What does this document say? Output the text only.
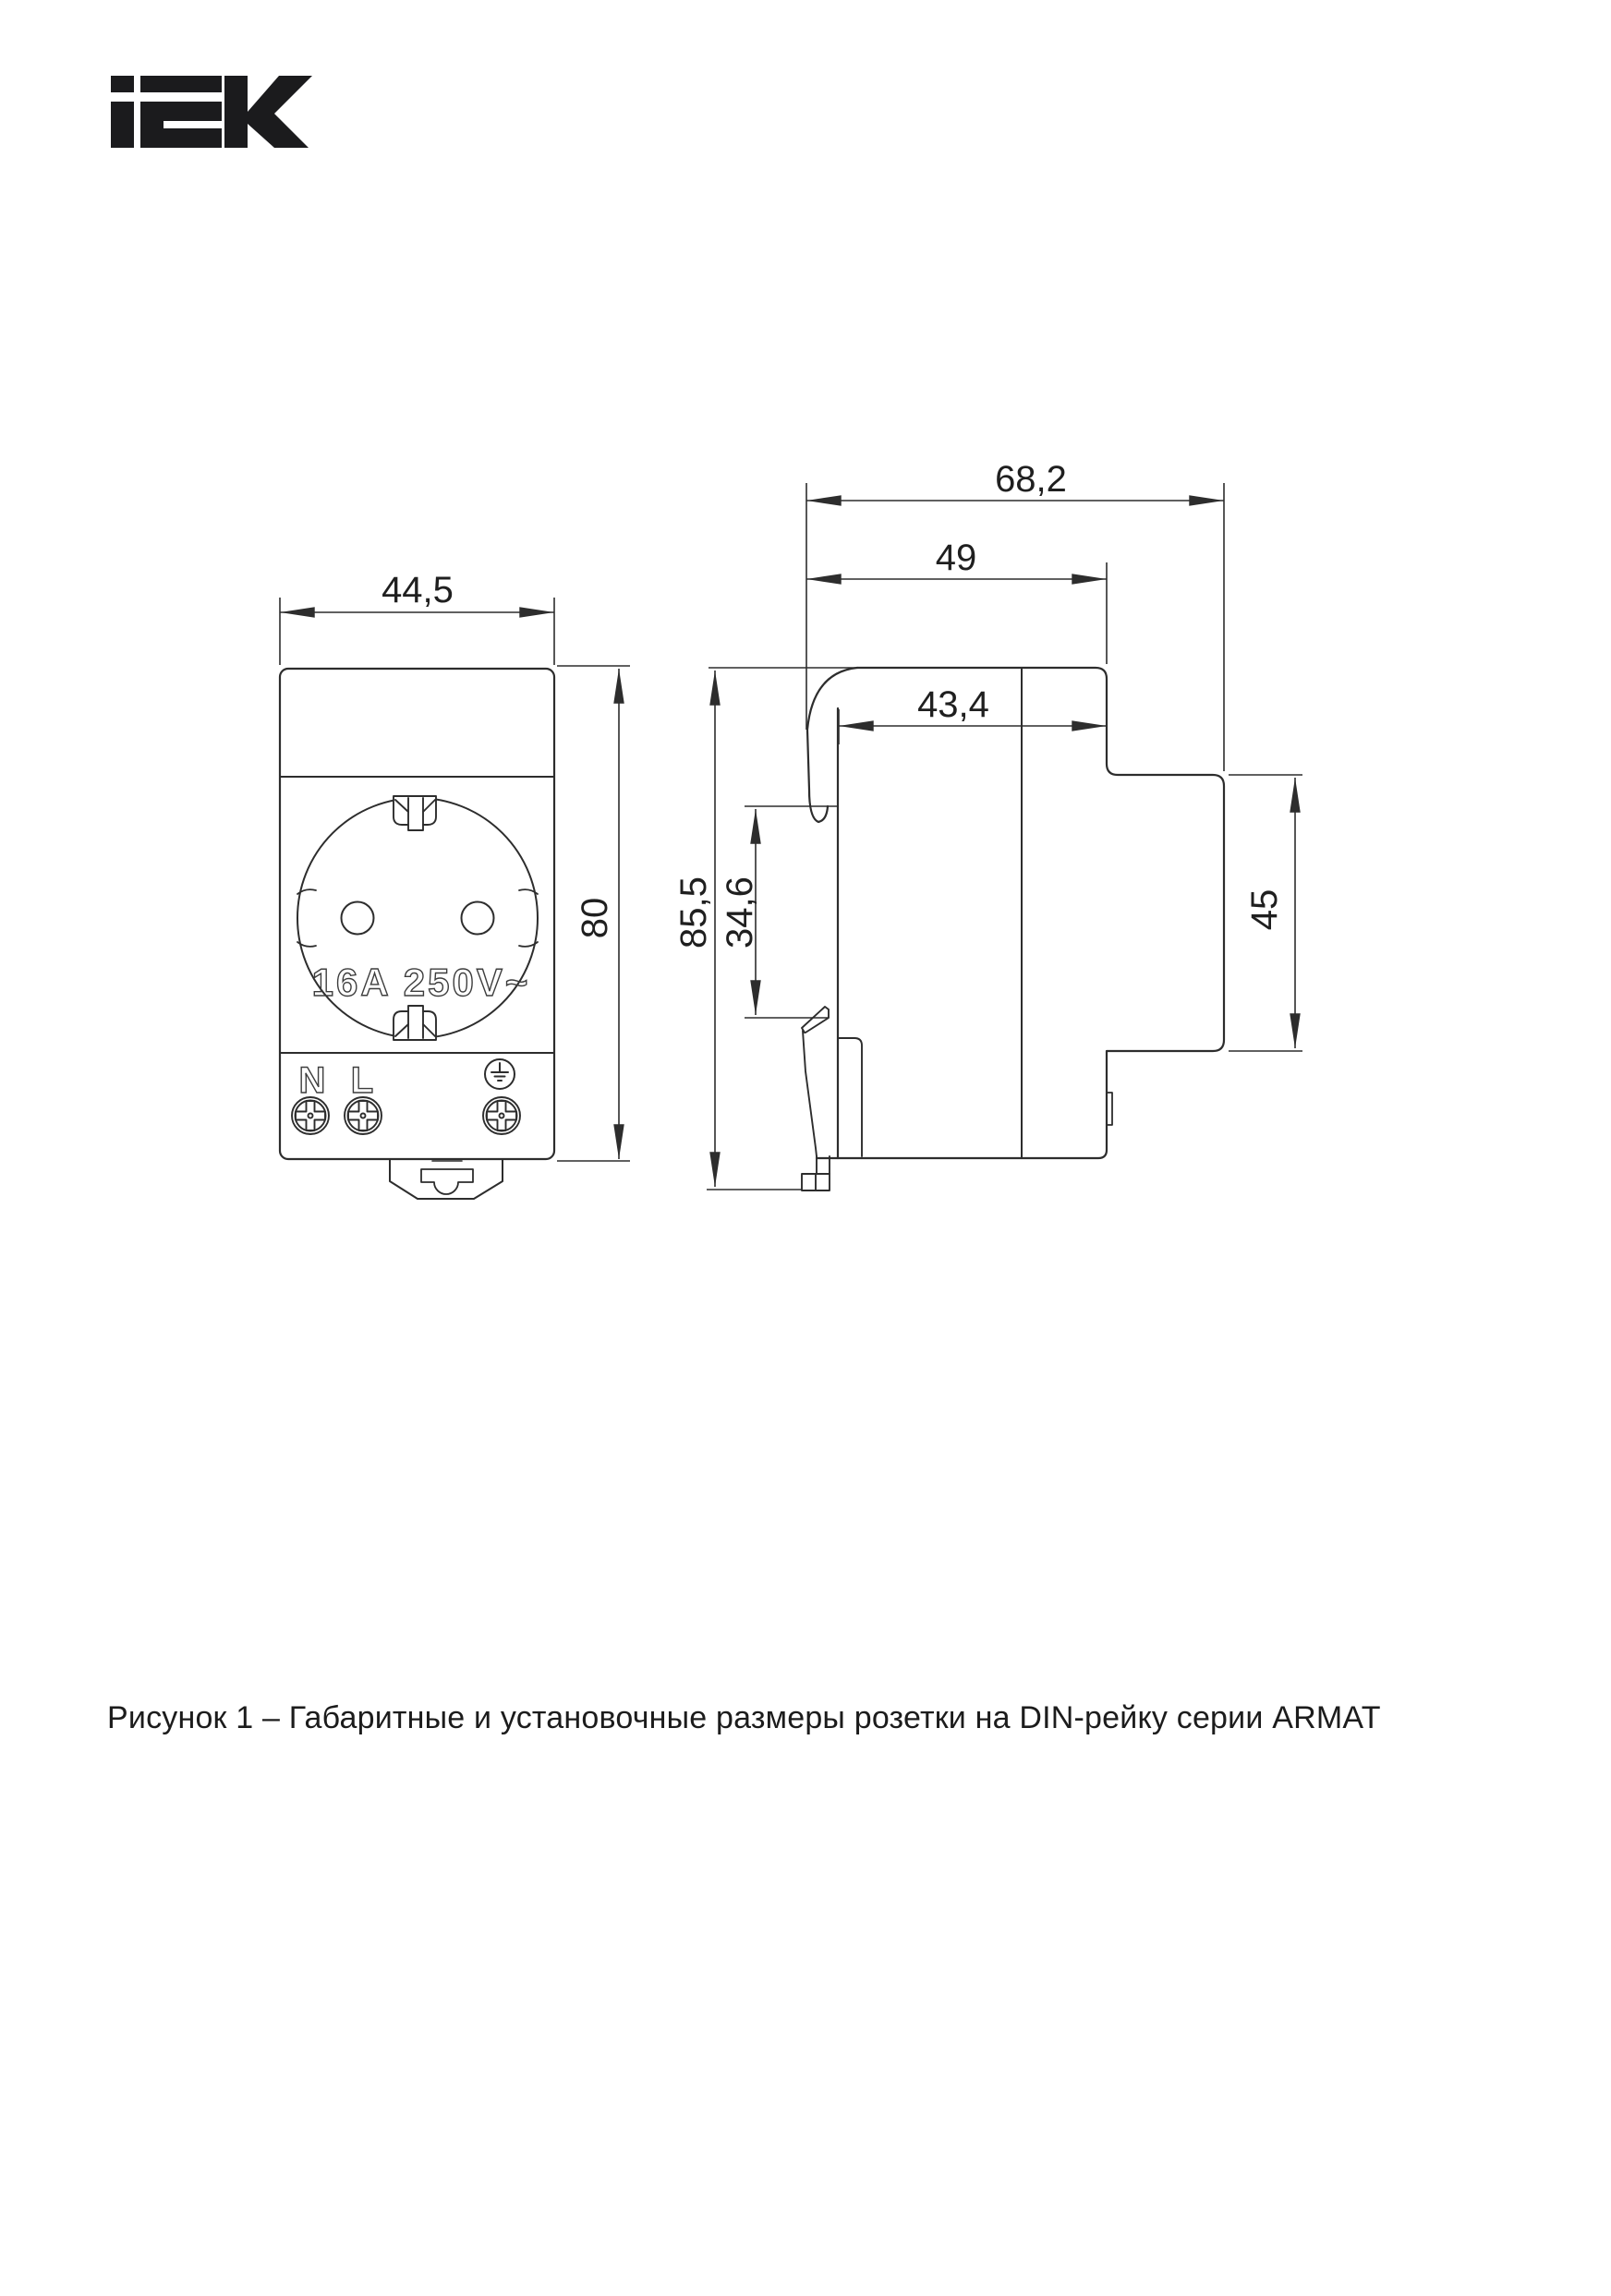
44,5
80
68,2
49
43,4
85,5 34,6	45
16A 250V~
N L
Рисунок 1 – Габаритные и установочные размеры розетки на DIN-рейку серии ARMAT
